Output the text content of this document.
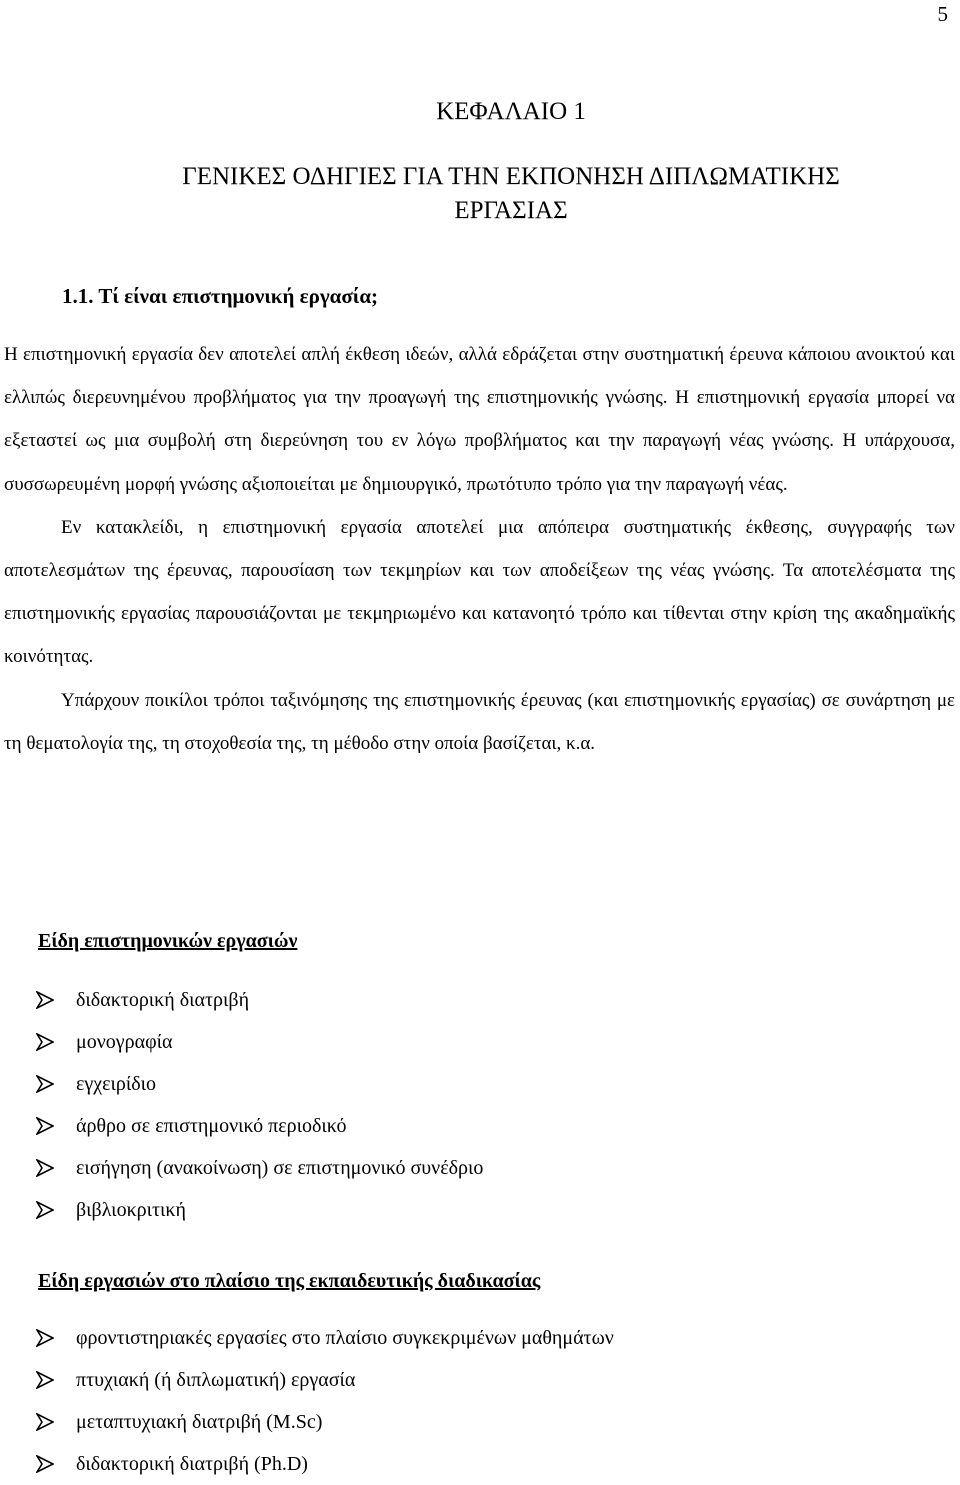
5
ΚΕΦΑΛΑΙΟ 1
ΓΕΝΙΚΕΣ ΟΔΗΓΙΕΣ ΓΙΑ ΤΗΝ ΕΚΠΟΝΗΣΗ ΔΙΠΛΩΜΑΤΙΚΗΣ
ΕΡΓΑΣΙΑΣ
1.1. Τί είναι επιστημονική εργασία;

Η επιστημονική εργασία δεν αποτελεί απλή έκθεση ιδεών, αλλά εδράζεται στην συστηματική έρευνα κάποιου ανοικτού και ελλιπώς διερευνημένου προβλήματος για την προαγωγή της επιστημονικής γνώσης. Η επιστημονική εργασία μπορεί να εξεταστεί ως μια συμβολή στη διερεύνηση του εν λόγω προβλήματος και την παραγωγή νέας γνώσης. Η υπάρχουσα, συσσωρευμένη μορφή γνώσης αξιοποιείται με δημιουργικό, πρωτότυπο τρόπο για την παραγωγή νέας.

Εν κατακλείδι, η επιστημονική εργασία αποτελεί μια απόπειρα συστηματικής έκθεσης, συγγραφής των αποτελεσμάτων της έρευνας, παρουσίαση των τεκμηρίων και των αποδείξεων της νέας γνώσης. Τα αποτελέσματα της επιστημονικής εργασίας παρουσιάζονται με τεκμηριωμένο και κατανοητό τρόπο και τίθενται στην κρίση της ακαδημαϊκής κοινότητας.

Υπάρχουν ποικίλοι τρόποι ταξινόμησης της επιστημονικής έρευνας (και επιστημονικής εργασίας) σε συνάρτηση με τη θεματολογία της, τη στοχοθεσία της, τη μέθοδο στην οποία βασίζεται, κ.α.

Είδη επιστημονικών εργασιών
διδακτορική διατριβή
μονογραφία
εγχειρίδιο
άρθρο σε επιστημονικό περιοδικό
εισήγηση (ανακοίνωση) σε επιστημονικό συνέδριο
βιβλιοκριτική
Είδη εργασιών στο πλαίσιο της εκπαιδευτικής διαδικασίας
φροντιστηριακές εργασίες στο πλαίσιο συγκεκριμένων μαθημάτων
πτυχιακή (ή διπλωματική) εργασία
μεταπτυχιακή διατριβή (M.Sc)
διδακτορική διατριβή (Ph.D)
